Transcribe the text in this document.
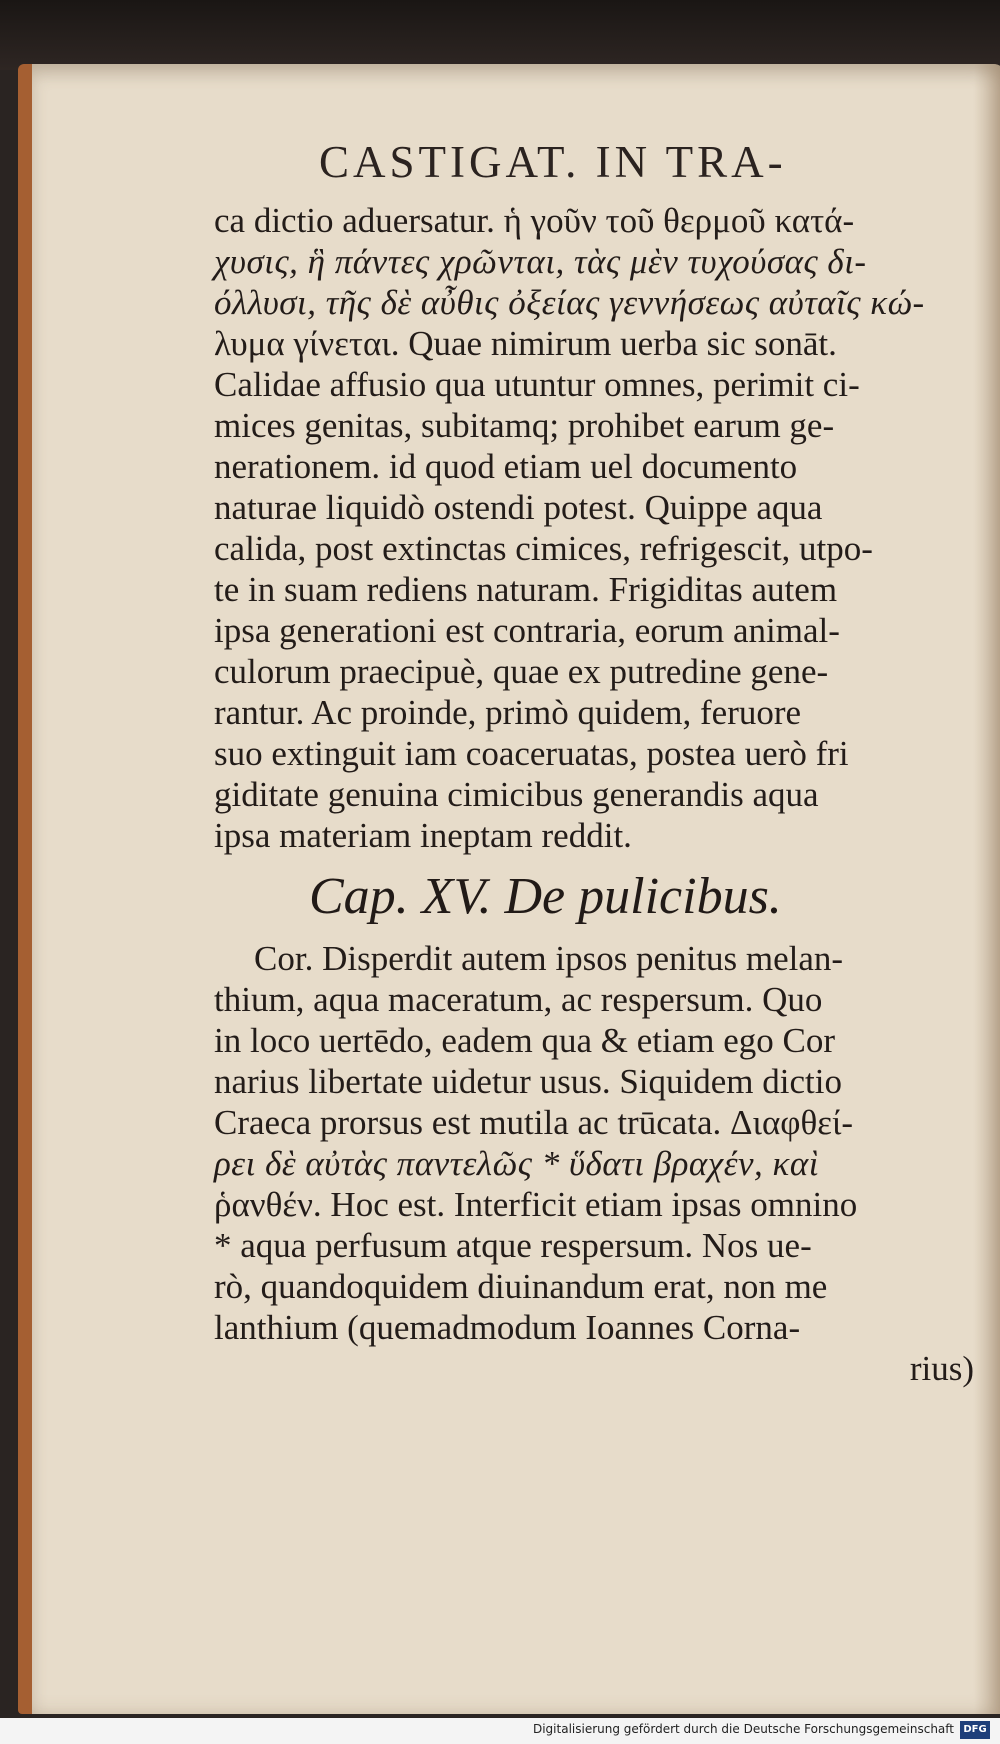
CASTIGAT. IN TRA-
ca dictio aduersatur. ἡ γοῦν τοῦ θερμοῦ κατά-
χυσις, ἣ πάντες χρῶνται, τὰς μὲν τυχούσας δι-
όλλυσι, τῆς δὲ αὖθις ὀξείας γεννήσεως αὐταῖς κώ-
λυμα γίνεται. Quae nimirum uerba sic sonāt.
Calidae affusio qua utuntur omnes, perimit ci-
mices genitas, subitamq; prohibet earum ge-
nerationem. id quod etiam uel documento
naturae liquidò ostendi potest. Quippe aqua
calida, post extinctas cimices, refrigescit, utpo-
te in suam rediens naturam. Frigiditas autem
ipsa generationi est contraria, eorum animal-
culorum praecipuè, quae ex putredine gene-
rantur. Ac proinde, primò quidem, feruore
suo extinguit iam coaceruatas, postea uerò fri
giditate genuina cimicibus generandis aqua
ipsa materiam ineptam reddit.
Cap. XV. De pulicibus.
Cor. Disperdit autem ipsos penitus melan-
thium, aqua maceratum, ac respersum. Quo
in loco uertēdo, eadem qua & etiam ego Cor
narius libertate uidetur usus. Siquidem dictio
Craeca prorsus est mutila ac trūcata. Διαφθεί-
ρει δὲ αὐτὰς παντελῶς * ὕδατι βραχέν, καὶ
ῥανθέν. Hoc est. Interficit etiam ipsas omnino
* aqua perfusum atque respersum. Nos ue-
rò, quandoquidem diuinandum erat, non me
lanthium (quemadmodum Ioannes Corna-
rius)
Digitalisierung gefördert durch die Deutsche Forschungsgemeinschaft DFG
